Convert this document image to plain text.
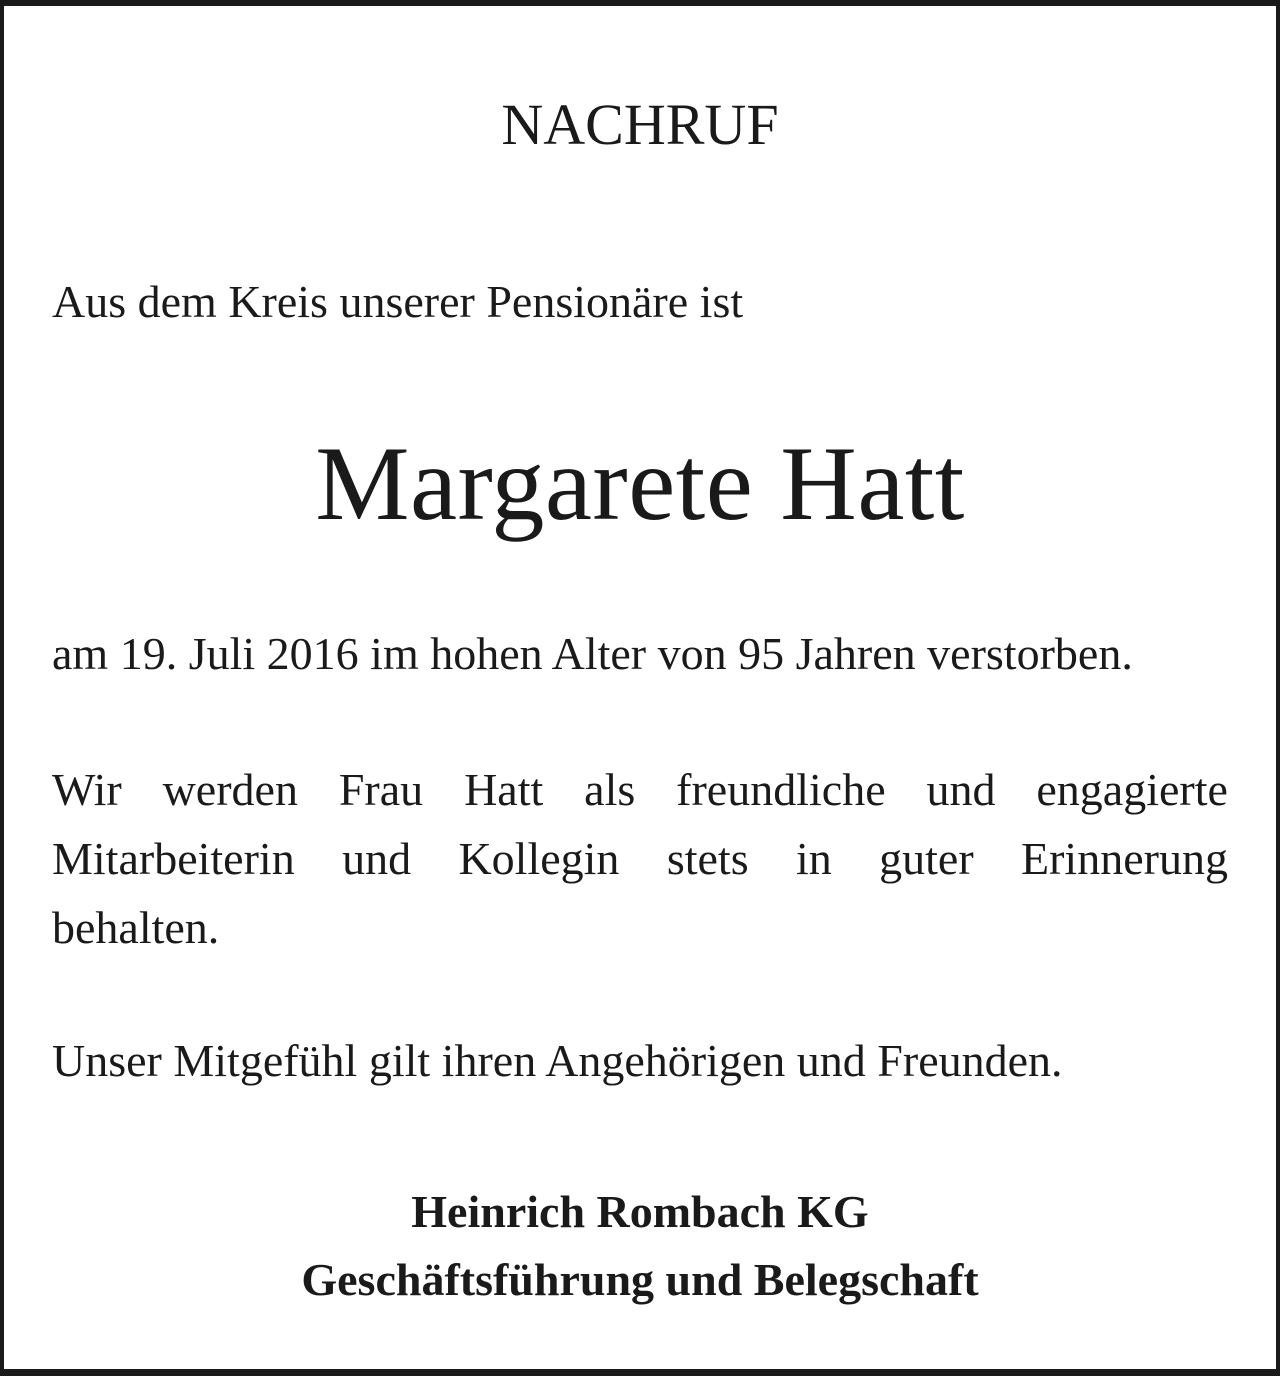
NACHRUF

Aus dem Kreis unserer Pensionäre ist

Margarete Hatt

am 19. Juli 2016 im hohen Alter von 95 Jahren verstorben.

Wir werden Frau Hatt als freundliche und engagierte
Mitarbeiterin und Kollegin stets in guter Erinnerung

behalten.

Unser Mitgefühl gilt ihren Angehörigen und Freunden.

Heinrich Rombach KG

Geschäftsführung und Belegschaft
